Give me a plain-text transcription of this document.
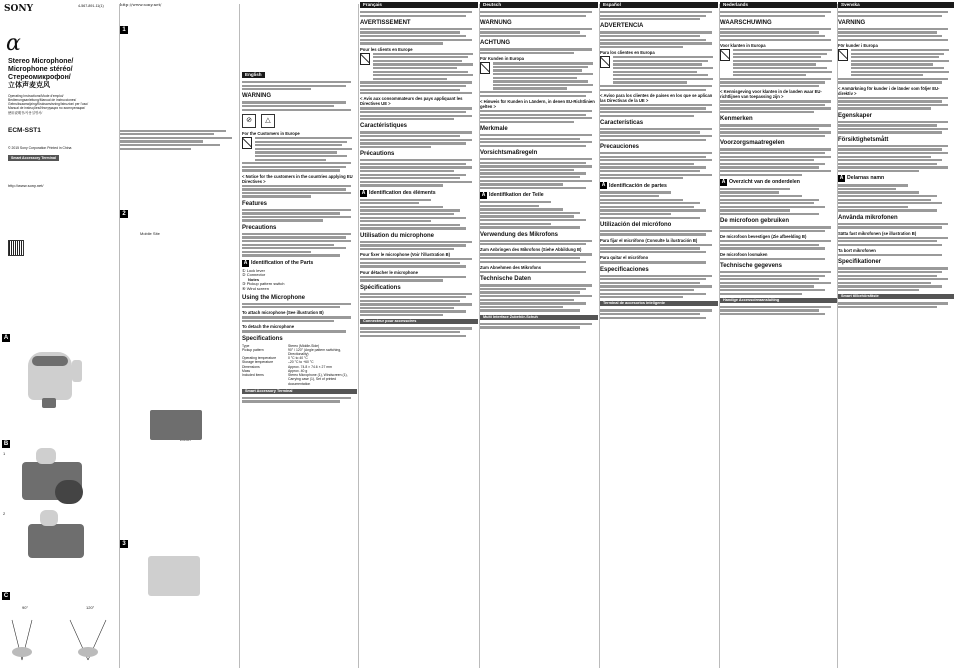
SONY	4-567-891-11(1)
α
Stereo Microphone/
Microphone stéréo/
Стереомикрофон/
立体声麦克风
Operating Instructions/Mode d'emploi/
Bedienungsanleitung/Manual de instrucciones/
Gebruiksaanwijzing/Bruksanvisning/Istruzioni per l'uso/
Manual de instruções/Инструкция по эксплуатации/
使用说明书/사용설명서/
ECM-SST1
© 2015 Sony Corporation Printed in China
Smart Accessory Terminal
http://www.sony.net/
A
B
1
2
C
90°	120°
http://www.sony.net/
1
Mobile Site
2
3
English
WARNING
⊘ △
For the Customers in Europe
< Notice for the customers in the countries applying EU Directives >
Features
Precautions
A Identification of the Parts
① Lock lever
② Connector
Notes
③ Pickup pattern switch
④ Wind screen
Using the Microphone
To attach microphone (See illustration B)
To detach the microphone
Specifications
Type	Stereo (Middle-Side)
Pickup pattern	90° / 120° (Angle pattern switching, Directionality)
Operating temperature	0 °C to 40 °C
Storage temperature	–20 °C to +60 °C
Dimensions	Approx. 74.8 × 74.6 × 27 mm
Mass	Approx. 40 g
Included items	Stereo Microphone (1), Windscreen (1), Carrying case (1), Set of printed documentation
Smart Accessory Terminal
Français
AVERTISSEMENT
Pour les clients en Europe
< Avis aux consommateurs des pays appliquant les Directives UE >
Caractéristiques
Précautions
A Identification des éléments
Utilisation du microphone
Pour fixer le microphone (Voir l'illustration B)
Pour détacher le microphone
Spécifications
Connecteur pour accessoires
Deutsch
WARNUNG
ACHTUNG
Für Kunden in Europa
< Hinweis für Kunden in Ländern, in denen EU-Richtlinien gelten >
Merkmale
Vorsichtsmaßregeln
A Identifikation der Teile
Verwendung des Mikrofons
Zum Anbringen des Mikrofons (Siehe Abbildung B)
Zum Abnehmen des Mikrofons
Technische Daten
Multi Interface Zubehör-Schuh
Español
ADVERTENCIA
Para los clientes en Europa
< Aviso para los clientes de países en los que se aplican las Directivas de la UE >
Características
Precauciones
A Identificación de partes
Utilización del micrófono
Para fijar el micrófono (Consulte la ilustración B)
Para quitar el micrófono
Especificaciones
Terminal de accesorios inteligente
Nederlands
WAARSCHUWING
Voor klanten in Europa
< Kennisgeving voor klanten in de landen waar EU-richtlijnen van toepassing zijn >
Kenmerken
Voorzorgsmaatregelen
A Overzicht van de onderdelen
De microfoon gebruiken
De microfoon bevestigen (Zie afbeelding B)
De microfoon losmaken
Technische gegevens
Handige Accessoireaansluiting
Svenska
VARNING
För kunder i Europa
< Anmärkning för kunder i de länder som följer EU-direktiv >
Egenskaper
Försiktighetsmått
A Delarnas namn
Använda mikrofonen
Sätta fast mikrofonen (se illustration B)
Ta bort mikrofonen
Specifikationer
Smart tillbehörsfäste
